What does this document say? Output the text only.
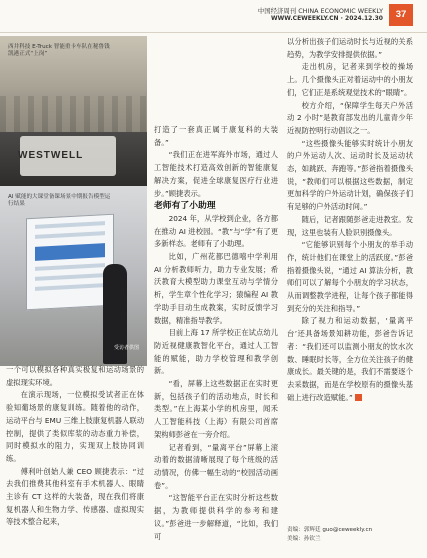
中国经济周刊 CHINA ECONOMIC WEEKLY
WWW.CEWEEKLY.CN · 2024.12.30	37
WESTWELL
西井科技 E-Truck 智能重卡车队在秘鲁钱凯港正式“上岗”
AI 赋能的大课堂备课场景中期报告模型运行结果
受访者供图

一个可以模拟各种真实极复和运动场景的虚拟现实环境。

在演示现场，一位模拟受试者正在体验知葡场景的康复训练。随着他的动作，运动平台与 EMU 三维上肢康复机器人联动控制，提供了类似库浆的动态重力补偿，同时模拟水的阻力，实现双上肢协同训练。

傅利叶创始人兼 CEO 顾捷表示：“过去我们推费其他科室有手术机器人、眼睛主诊有 CT 这样的大装备，现在我们将康复机器人和生物力学、传感器、虚拟现实等技术整合起来，

打造了一套真正属于康复科的大装备。”

“我们正在进军海外市场，通过人工智能技术打造高效创新的智能康复解决方案，促进全球康复医疗行业进步。”顾捷表示。

老师有了小助理

2024 年，从学校到企业，各方都在推动 AI 进校园。“教”与“学”有了更多新样态。老师有了小助理。

比如，广州花都巴德嘻中学利用 AI 分析教师听力，助力专业发展；希沃教育大模型助力课堂互动与学情分析，学生章个性化学习；猿编程 AI 教学助手目动生成教案，实时反馈学习数据，精准指导教学。

目前上海 17 所学校正在试点幼儿防近视健康教智化平台，通过人工智能的赋能，助力学校管理和教学创新。

“看，屏幕上这些数据正在实时更新，包括孩子们的活动地点，时长和类型。”在上海某小学的机房里，闻禾人工智能科技（上海）有限公司首席架构师彭爸在一旁介绍。

记者看到，“量离平台”屏幕上滚动着的数据清晰展现了每个班级的活动情况，仿佛一幅生动的“校园活动画卷”。

“这智能平台正在实时分析这些数据，为教师提供科学的参考和建议。”彭爸进一步解释道，“比如，我们可

以分析出孩子们运动时长与近视的关系趋势，为教学安排提供依据。”

走出机房，记者来到学校的操场上。几个摄像头正对着运动中的小朋友们，它们正是系统观觉技术的“眼睛”。

校方介绍，“保障学生每天户外活动 2 小时”是教育部发出的儿童青少年近视防控明行动倡议之一。

“这些摄像头能够实时统计小朋友的户外运动人次、运动时长及运动状态，如跳跃、奔跑等。”彭爸指着摄像头说，“教师们可以根据这些数据，制定更加科学的户外运动计划，确保孩子们有足够的户外活动时间。”

随后，记者跟随彭爸走进教室。发现，这里也装有人脸识别摄像头。

“它能够识别每个小朋友的举手动作，统计他们在课堂上的活跃度。”彭爸指着摄像头说，“通过 AI 算法分析，教师们可以了解每个小朋友的学习状态，从而调整教学进程，让每个孩子都能得到充分的关注和指导。”

除了视力和运动数据，‘量离平台’还具备场景知耕功能，彭爸告诉记者：“我们还可以监测小朋友的饮水次数、睡眠时长等，全方位关注孩子的健康成长。最关键的是，我们不需要逐个去采数据，而是在学校原有的摄像头基础上进行改造赋能。”

责编：郭辉廷 guo@ceweekly.cn
美编：孙钦兰
